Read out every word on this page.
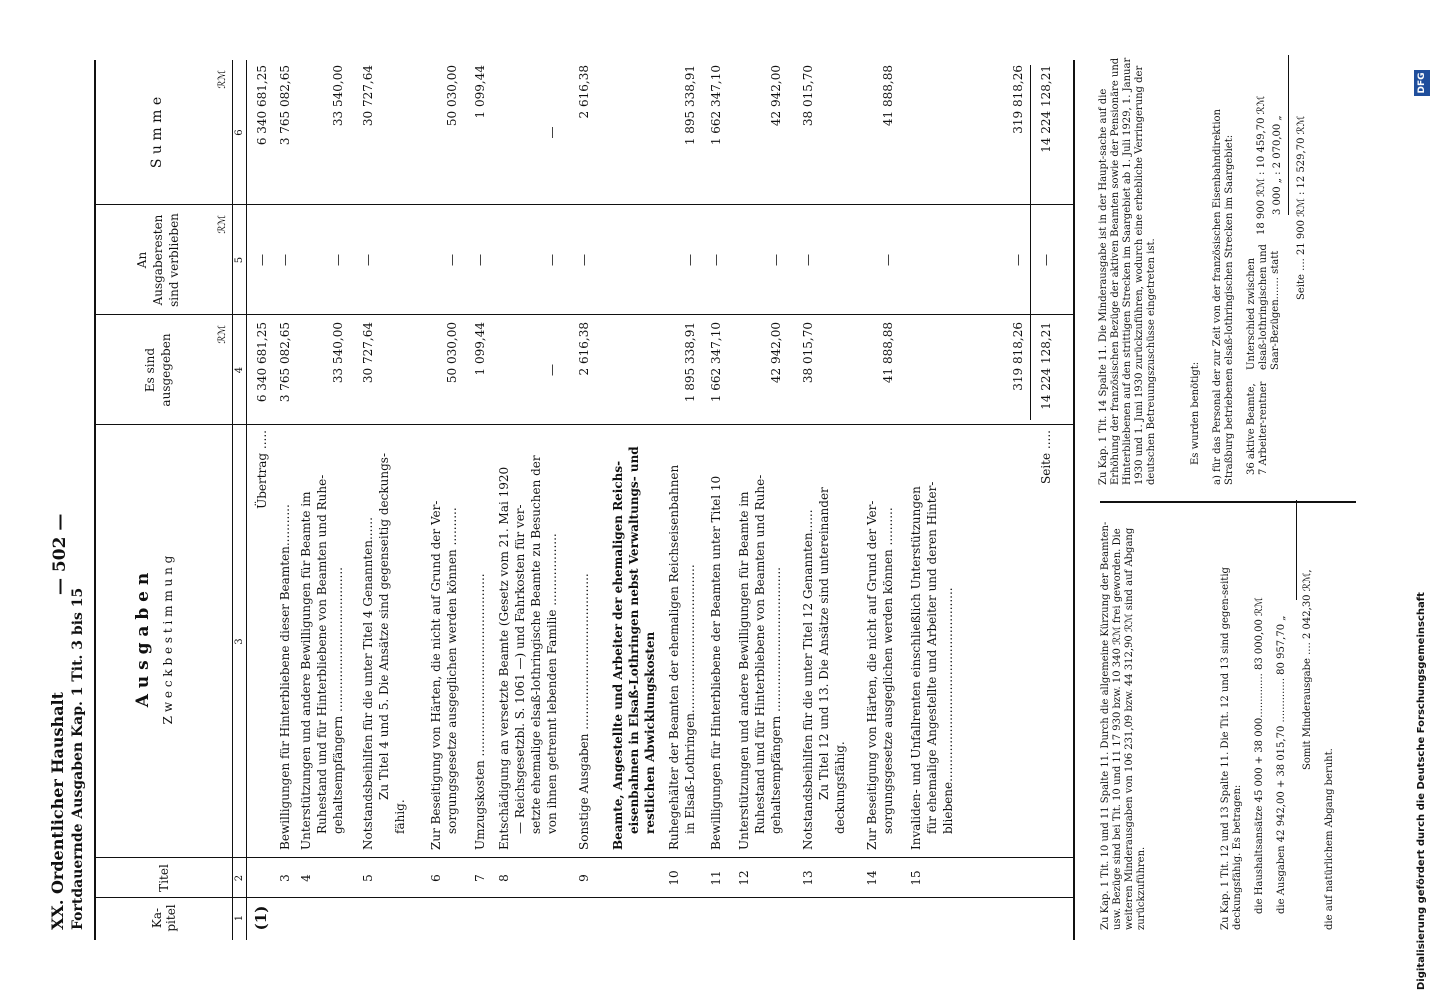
XX. Ordentlicher Haushalt Fortdauernde Ausgaben Kap. 1 Tit. 3 bis 15
— 502 —
Ka-pitel
Titel
A u s g a b e n Z w e c k b e s t i m m u n g
Es sind ausgegeben
An Ausgaberesten sind verblieben
S u m m e
ℛℳ
ℛℳ
ℛℳ
1
2
3
4
5
6
(1)
Übertrag .....
6 340 681,25
—
6 340 681,25
3
Bewilligungen für Hinterbliebene dieser Beamten...........
3 765 082,65
—
3 765 082,65
4
Unterstützungen und andere Bewilligungen für Beamte im Ruhestand und für Hinterbliebene von Beamten und Ruhe- gehaltsempfängern ......................................
33 540,00
—
33 540,00
5
Notstandsbeihilfen für die unter Titel 4 Genannten...... Zu Titel 4 und 5. Die Ansätze sind gegenseitig deckungs-
fähig.
30 727,64
—
30 727,64
6
Zur Beseitigung von Härten, die nicht auf Grund der Ver- sorgungsgesetze ausgeglichen werden können ..........
50 030,00
—
50 030,00
7
Umzugskosten ................................................
1 099,44
—
1 099,44
8
Entschädigung an versetzte Beamte (Gesetz vom 21. Mai 1920 — Reichsgesetzbl. S. 1061 —) und Fahrkosten für ver- setzte ehemalige elsaß-lothringische Beamte zu Besuchen der von ihnen getrennt lebenden Familie ...................
—
—
—
9
Sonstige Ausgaben .........................................
2 616,38
—
2 616,38
Beamte, Angestellte und Arbeiter der ehemaligen Reichs- eisenbahnen in Elsaß-Lothringen nebst Verwaltungs- und restlichen Abwicklungskosten
10
Ruhegehälter der Beamten der ehemaligen Reichseisenbahnen in Elsaß-Lothringen.......................................
1 895 338,91
—
1 895 338,91
11
Bewilligungen für Hinterbliebene der Beamten unter Titel 10
1 662 347,10
—
1 662 347,10
12
Unterstützungen und andere Bewilligungen für Beamte im Ruhestand und für Hinterbliebene von Beamten und Ruhe- gehaltsempfängern ......................................
42 942,00
—
42 942,00
13
Notstandsbeihilfen für die unter Titel 12 Genannten...... Zu Titel 12 und 13. Die Ansätze sind untereinander deckungsfähig.
38 015,70
—
38 015,70
14
Zur Beseitigung von Härten, die nicht auf Grund der Ver- sorgungsgesetze ausgeglichen werden können ..........
41 888,88
—
41 888,88
15
Invaliden- und Unfallrenten einschließlich Unterstützungen für ehemalige Angestellte und Arbeiter und deren Hinter- bliebene...................................................
319 818,26
—
319 818,26
Seite .....
14 224 128,21
—
14 224 128,21
Zu Kap. 1 Tit. 10 und 11 Spalte 11. Durch die allgemeine Kürzung der Beamten- usw. Bezüge sind bei Tit. 10 und 11 17 930 bzw. 10 340 ℛℳ frei geworden. Die weiteren Minderausgaben von 106 231,09 bzw. 44 312,90 ℛℳ sind auf Abgang zurückzuführen.	Zu Kap. 1 Tit. 12 und 13 Spalte 11. Die Tit. 12 und 13 sind gegen-seitig deckungsfähig. Es betragen: die Haushaltsansätze 45 000 + 38 000.............. 83 000,00 ℛℳ die Ausgaben 42 942,00 + 38 015,70 .............. 80 957,70 „ Somit Minderausgabe .... 2 042,30 ℛℳ,
die auf natürlichem Abgang beruht.
Zu Kap. 1 Tit. 14 Spalte 11. Die Minderausgabe ist in der Haupt-sache auf die Erhöhung der französischen Bezüge der aktiven Beamten sowie der Pensionäre und Hinterbliebenen auf den strittigen Strecken im Saargebiet ab 1. Juli 1929, 1. Januar 1930 und 1. Juni 1930 zurückzuführen, wodurch eine erhebliche Verringerung der deutschen Betreuungszuschüsse eingetreten ist.	Es wurden benötigt: a) für das Personal der zur Zeit von der französischen Eisenbahndirektion Straßburg betriebenen elsaß-lothringischen Strecken im Saargebiet: 36 aktive Beamte, 7 Arbeiter-rentner
Unterschied zwischen elsaß-lothringischen und Saar-Bezügen....... statt
18 900 ℛℳ : 10 459,70 ℛℳ 3 000 „ : 2 070,00 „ Seite .... 21 900 ℛℳ : 12 529,70 ℛℳ
Digitalisierung gefördert durch die Deutsche Forschungsgemeinschaft
DFG
